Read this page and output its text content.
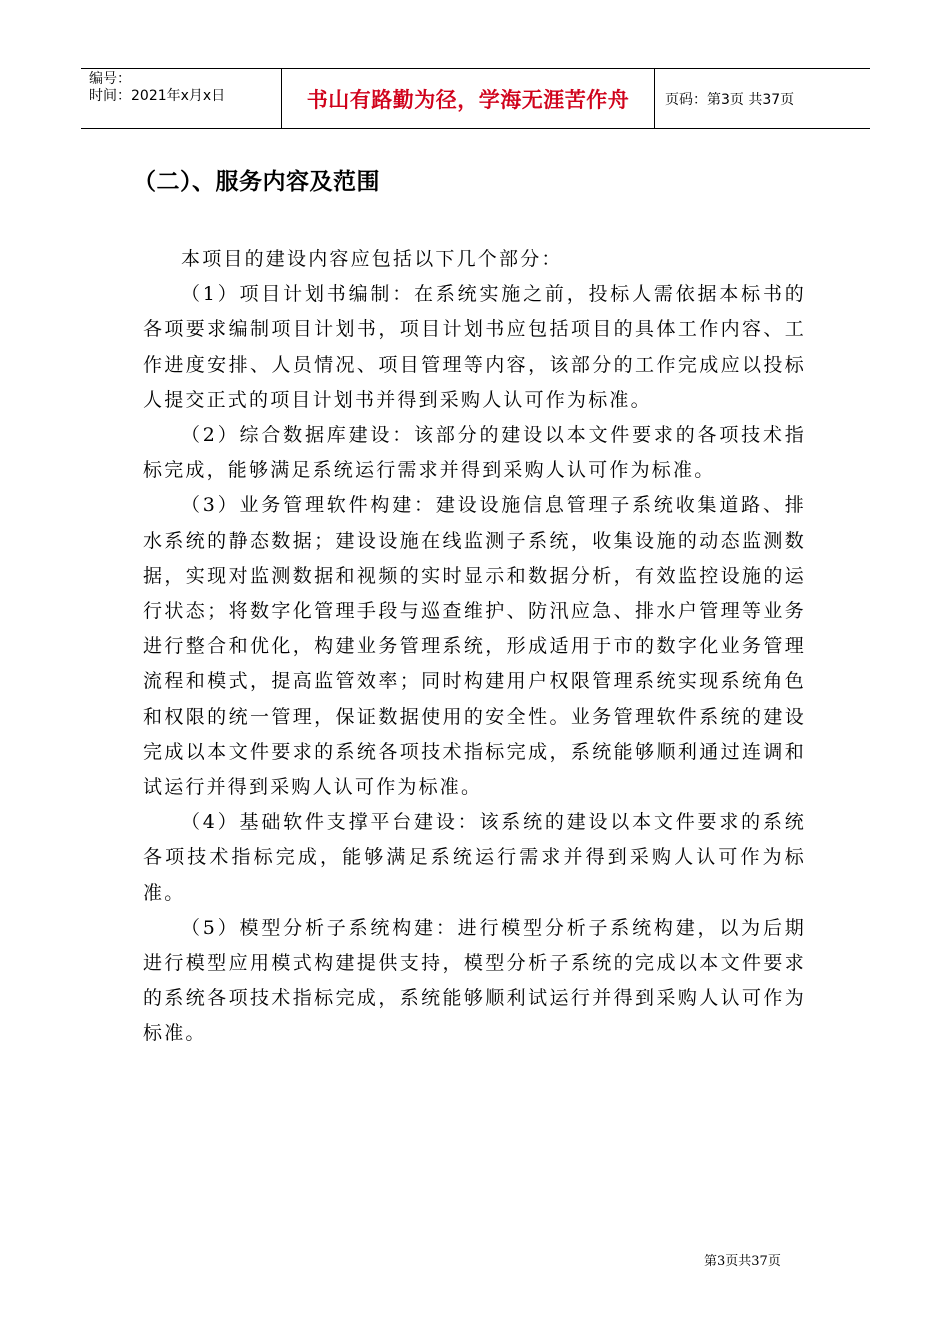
编号：
时间：2021年x月x日	书山有路勤为径，学海无涯苦作舟	页码：第3页 共37页
（二）、服务内容及范围

本项目的建设内容应包括以下几个部分：

（1）项目计划书编制：在系统实施之前，投标人需依据本标书的各项要求编制项目计划书，项目计划书应包括项目的具体工作内容、工作进度安排、人员情况、项目管理等内容，该部分的工作完成应以投标人提交正式的项目计划书并得到采购人认可作为标准。

（2）综合数据库建设：该部分的建设以本文件要求的各项技术指标完成，能够满足系统运行需求并得到采购人认可作为标准。

（3）业务管理软件构建：建设设施信息管理子系统收集道路、排水系统的静态数据；建设设施在线监测子系统，收集设施的动态监测数据，实现对监测数据和视频的实时显示和数据分析，有效监控设施的运行状态；将数字化管理手段与巡查维护、防汛应急、排水户管理等业务进行整合和优化，构建业务管理系统，形成适用于市的数字化业务管理流程和模式，提高监管效率；同时构建用户权限管理系统实现系统角色和权限的统一管理，保证数据使用的安全性。业务管理软件系统的建设完成以本文件要求的系统各项技术指标完成，系统能够顺利通过连调和试运行并得到采购人认可作为标准。

（4）基础软件支撑平台建设：该系统的建设以本文件要求的系统各项技术指标完成，能够满足系统运行需求并得到采购人认可作为标准。

（5）模型分析子系统构建：进行模型分析子系统构建，以为后期进行模型应用模式构建提供支持，模型分析子系统的完成以本文件要求的系统各项技术指标完成，系统能够顺利试运行并得到采购人认可作为标准。

第3页共37页
